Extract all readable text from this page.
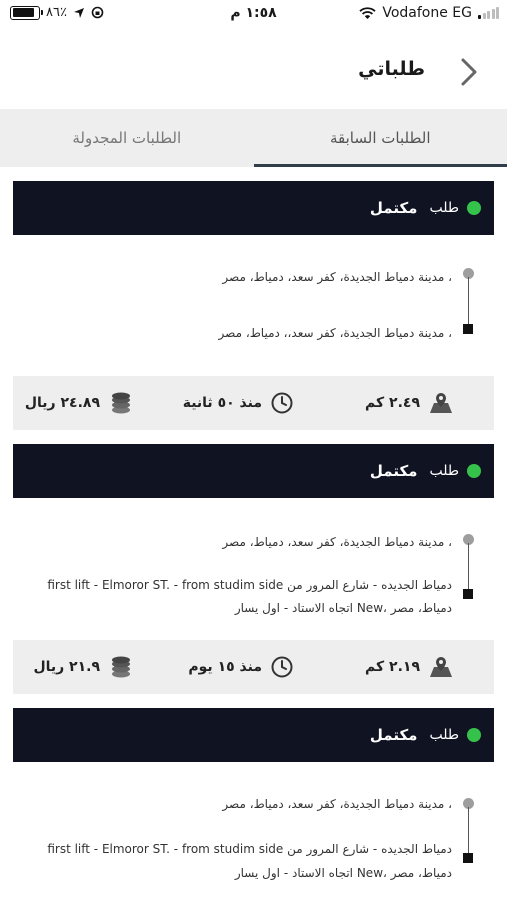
٨٦٪	١:٥٨ م	Vodafone EG
طلباتي
الطلبات السابقة
الطلبات المجدولة
طلب
مكتمل
، مدينة دمياط الجديدة، كفر سعد، دمياط، مصر
، مدينة دمياط الجديدة، كفر سعد،، دمياط، مصر
٢.٤٩ كم
منذ ٥٠ ثانية
٢٤.٨٩ ريال
طلب
مكتمل
، مدينة دمياط الجديدة، كفر سعد، دمياط، مصر
دمياط الجديده - شارع المرور من first lift - Elmoror ST. - from studim side
دمياط، مصر ،New اتجاه الاستاد - اول يسار
٢.١٩ كم
منذ ١٥ يوم
٢١.٩ ريال
طلب
مكتمل
، مدينة دمياط الجديدة، كفر سعد، دمياط، مصر
دمياط الجديده - شارع المرور من first lift - Elmoror ST. - from studim side
دمياط، مصر ،New اتجاه الاستاد - اول يسار
